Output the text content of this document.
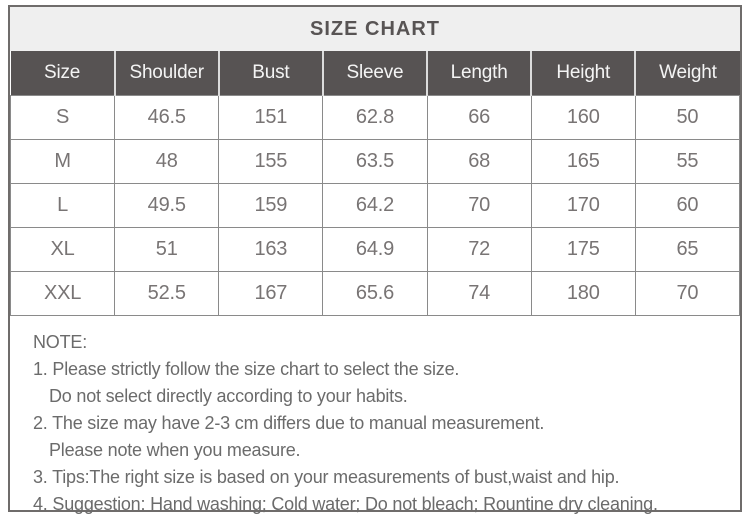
SIZE CHART
Size	Shoulder	Bust	Sleeve	Length	Height	Weight
S	46.5	151	62.8	66	160	50
M	48	155	63.5	68	165	55
L	49.5	159	64.2	70	170	60
XL	51	163	64.9	72	175	65
XXL	52.5	167	65.6	74	180	70
NOTE:
1. Please strictly follow the size chart to select the size.
Do not select directly according to your habits.
2. The size may have 2-3 cm differs due to manual measurement.
Please note when you measure.
3. Tips:The right size is based on your measurements of bust,waist and hip.
4. Suggestion: Hand washing; Cold water; Do not bleach; Rountine dry cleaning.
